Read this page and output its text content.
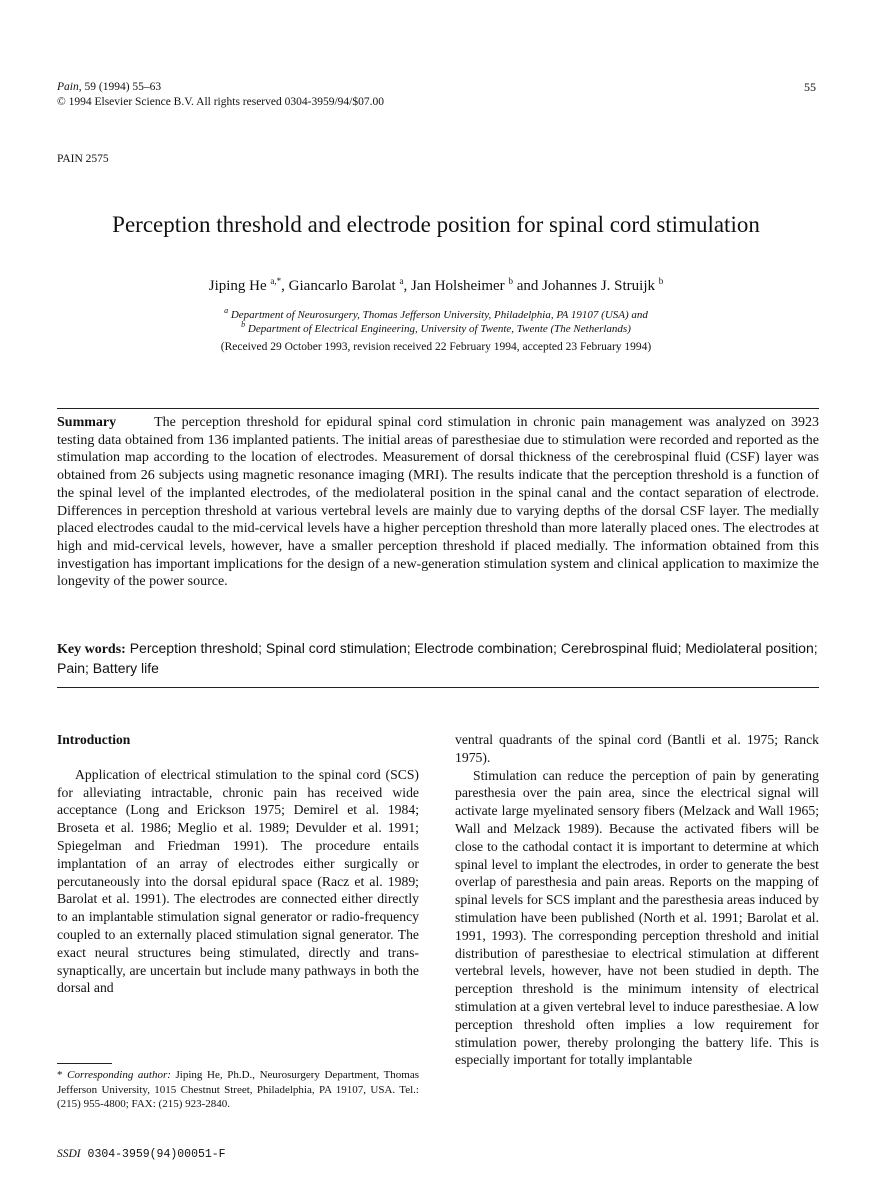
Pain, 59 (1994) 55–63
© 1994 Elsevier Science B.V. All rights reserved 0304-3959/94/$07.00
55
PAIN 2575
Perception threshold and electrode position for spinal cord stimulation
Jiping He $^{a,*}$, Giancarlo Barolat $^a$, Jan Holsheimer $^b$ and Johannes J. Struijk $^b$
$^a$ Department of Neurosurgery, Thomas Jefferson University, Philadelphia, PA 19107 (USA) and
$^b$ Department of Electrical Engineering, University of Twente, Twente (The Netherlands)
(Received 29 October 1993, revision received 22 February 1994, accepted 23 February 1994)
Summary	The perception threshold for epidural spinal cord stimulation in chronic pain management was analyzed on 3923 testing data obtained from 136 implanted patients. The initial areas of paresthesiae due to stimulation were recorded and reported as the stimulation map according to the location of electrodes. Measurement of dorsal thickness of the cerebrospinal fluid (CSF) layer was obtained from 26 subjects using magnetic resonance imaging (MRI). The results indicate that the perception threshold is a function of the spinal level of the implanted electrodes, of the mediolateral position in the spinal canal and the contact separation of electrode. Differences in perception threshold at various vertebral levels are mainly due to varying depths of the dorsal CSF layer. The medially placed electrodes caudal to the mid-cervical levels have a higher perception threshold than more laterally placed ones. The electrodes at high and mid-cervical levels, however, have a smaller perception threshold if placed medially. The information obtained from this investigation has important implications for the design of a new-generation stimulation system and clinical application to maximize the longevity of the power source.
Key words: Perception threshold; Spinal cord stimulation; Electrode combination; Cerebrospinal fluid; Mediolateral position; Pain; Battery life

Introduction

Application of electrical stimulation to the spinal cord (SCS) for alleviating intractable, chronic pain has received wide acceptance (Long and Erickson 1975; Demirel et al. 1984; Broseta et al. 1986; Meglio et al. 1989; Devulder et al. 1991; Spiegelman and Friedman 1991). The procedure entails implantation of an array of electrodes either surgically or percutaneously into the dorsal epidural space (Racz et al. 1989; Barolat et al. 1991). The electrodes are connected either directly to an implantable stimulation signal generator or radio-frequency coupled to an externally placed stimulation signal generator. The exact neural structures being stimulated, directly and trans-synaptically, are uncertain but include many pathways in both the dorsal and

* Corresponding author: Jiping He, Ph.D., Neurosurgery Department, Thomas Jefferson University, 1015 Chestnut Street, Philadelphia, PA 19107, USA. Tel.: (215) 955-4800; FAX: (215) 923-2840.
SSDI 0304-3959(94)00051-F

ventral quadrants of the spinal cord (Bantli et al. 1975; Ranck 1975).

Stimulation can reduce the perception of pain by generating paresthesia over the pain area, since the electrical signal will activate large myelinated sensory fibers (Melzack and Wall 1965; Wall and Melzack 1989). Because the activated fibers will be close to the cathodal contact it is important to determine at which spinal level to implant the electrodes, in order to generate the best overlap of paresthesia and pain areas. Reports on the mapping of spinal levels for SCS implant and the paresthesia areas induced by stimulation have been published (North et al. 1991; Barolat et al. 1991, 1993). The corresponding perception threshold and initial distribution of paresthesiae to electrical stimulation at different vertebral levels, however, have not been studied in depth. The perception threshold is the minimum intensity of electrical stimulation at a given vertebral level to induce paresthesiae. A low perception threshold often implies a low requirement for stimulation power, thereby prolonging the battery life. This is especially important for totally implantable
